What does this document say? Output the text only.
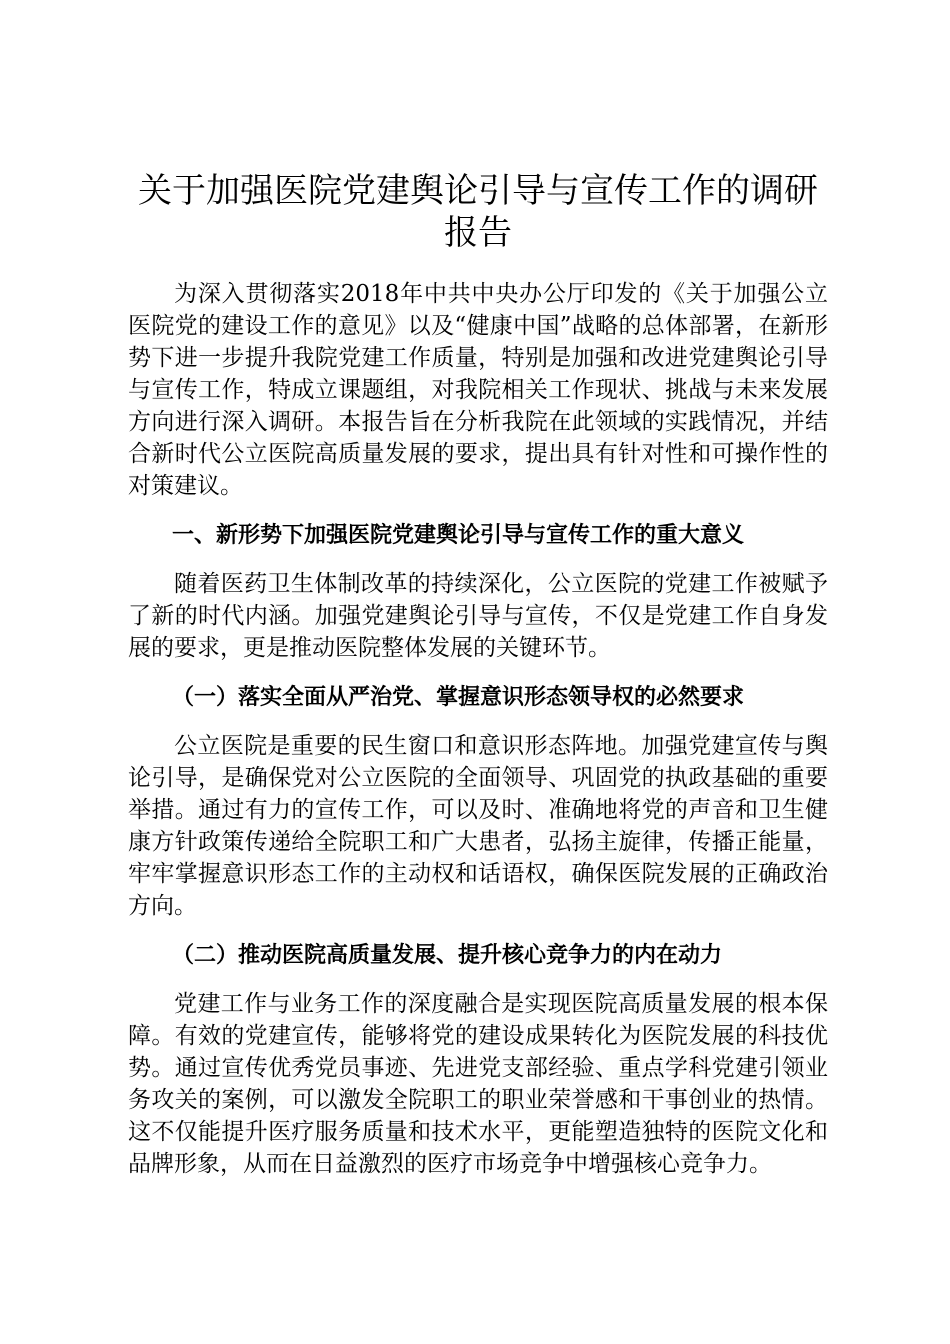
关于加强医院党建舆论引导与宣传工作的调研报告

为深入贯彻落实2018年中共中央办公厅印发的《关于加强公立医院党的建设工作的意见》以及“健康中国”战略的总体部署，在新形势下进一步提升我院党建工作质量，特别是加强和改进党建舆论引导与宣传工作，特成立课题组，对我院相关工作现状、挑战与未来发展方向进行深入调研。本报告旨在分析我院在此领域的实践情况，并结合新时代公立医院高质量发展的要求，提出具有针对性和可操作性的对策建议。

一、新形势下加强医院党建舆论引导与宣传工作的重大意义

随着医药卫生体制改革的持续深化，公立医院的党建工作被赋予了新的时代内涵。加强党建舆论引导与宣传，不仅是党建工作自身发展的要求，更是推动医院整体发展的关键环节。

（一）落实全面从严治党、掌握意识形态领导权的必然要求

公立医院是重要的民生窗口和意识形态阵地。加强党建宣传与舆论引导，是确保党对公立医院的全面领导、巩固党的执政基础的重要举措。通过有力的宣传工作，可以及时、准确地将党的声音和卫生健康方针政策传递给全院职工和广大患者，弘扬主旋律，传播正能量，牢牢掌握意识形态工作的主动权和话语权，确保医院发展的正确政治方向。

（二）推动医院高质量发展、提升核心竞争力的内在动力

党建工作与业务工作的深度融合是实现医院高质量发展的根本保障。有效的党建宣传，能够将党的建设成果转化为医院发展的科技优势。通过宣传优秀党员事迹、先进党支部经验、重点学科党建引领业务攻关的案例，可以激发全院职工的职业荣誉感和干事创业的热情。这不仅能提升医疗服务质量和技术水平，更能塑造独特的医院文化和品牌形象，从而在日益激烈的医疗市场竞争中增强核心竞争力。
